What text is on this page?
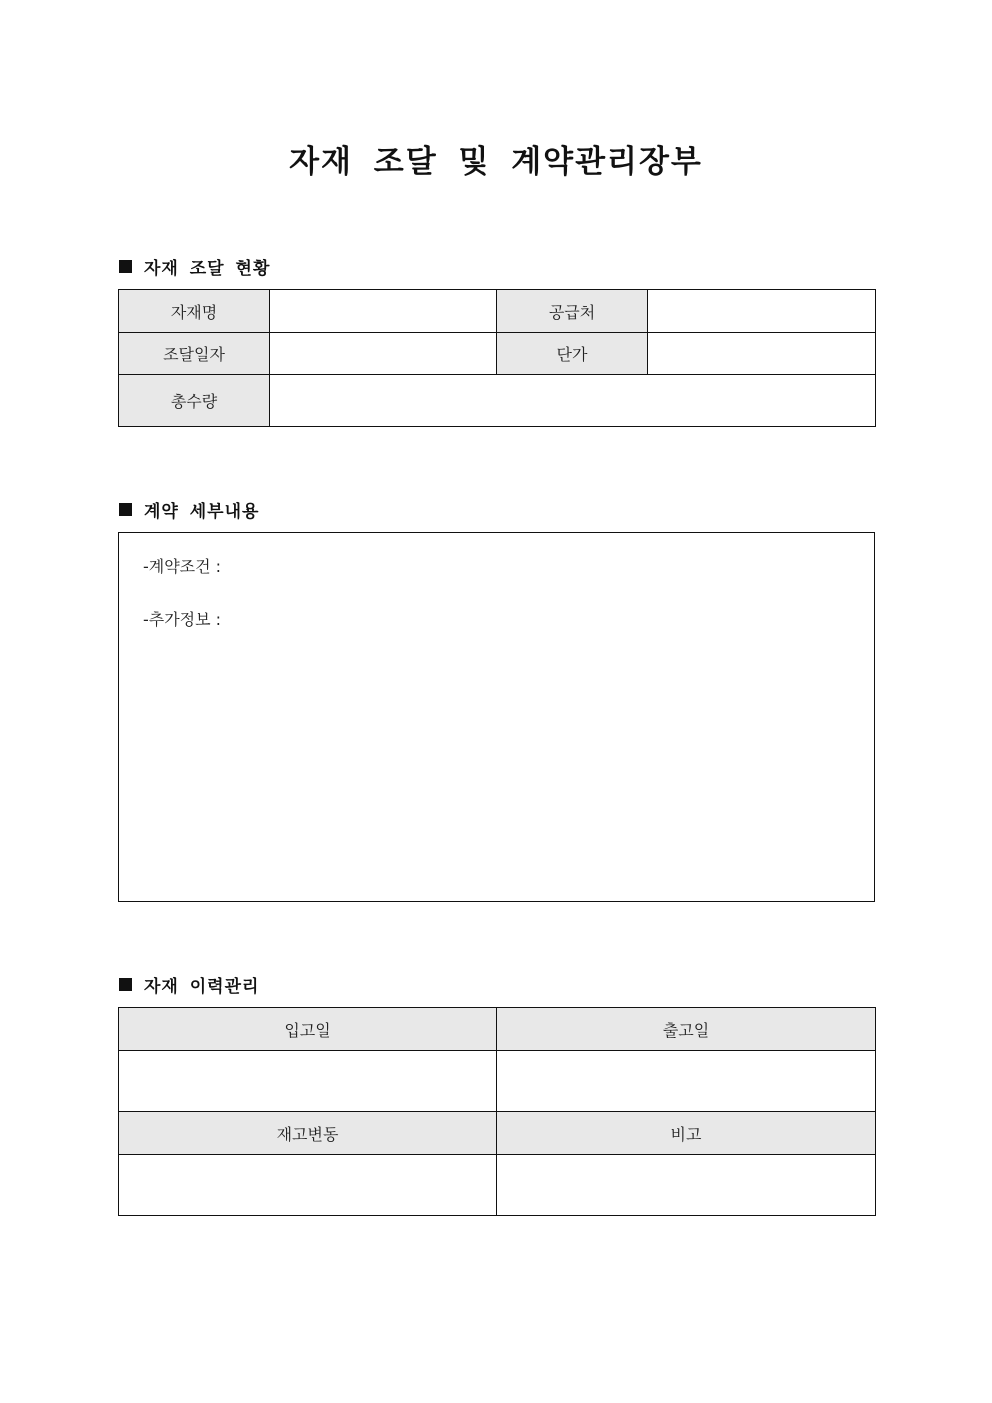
자재 조달 및 계약관리장부
자재 조달 현황
자재명		공급처	
조달일자		단가	
총수량			
계약 세부내용
-계약조건 :
-추가정보 :
자재 이력관리
입고일	출고일

재고변동	비고
